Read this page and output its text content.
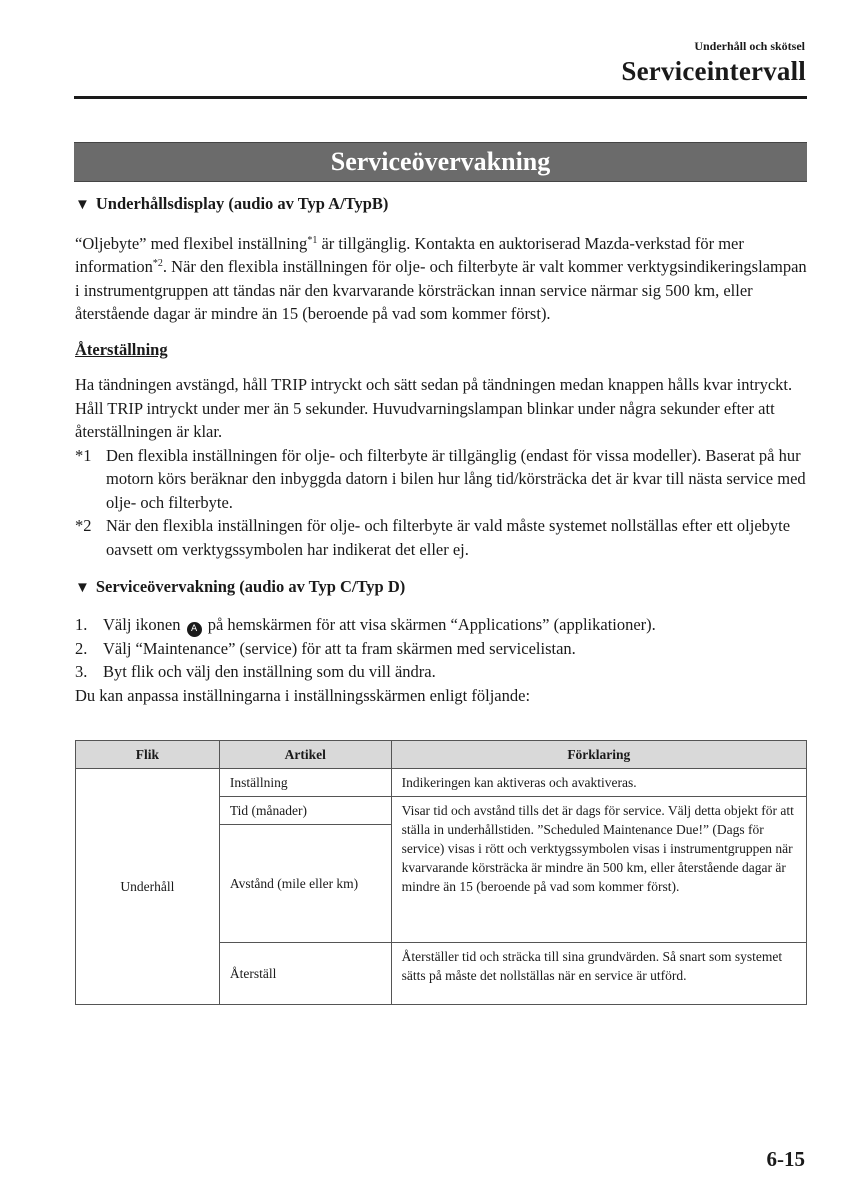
Underhåll och skötsel
Serviceintervall
Serviceövervakning

▼ Underhållsdisplay (audio av Typ A/TypB)

“Oljebyte” med flexibel inställning$^{*1}$ är tillgänglig. Kontakta en auktoriserad Mazda-verkstad för mer information$^{*2}$. När den flexibla inställningen för olje- och filterbyte är valt kommer verktygsindikeringslampan i instrumentgruppen att tändas när den kvarvarande körsträckan innan service närmar sig 500 km, eller återstående dagar är mindre än 15 (beroende på vad som kommer först).

Återställning

Ha tändningen avstängd, håll TRIP intryckt och sätt sedan på tändningen medan knappen hålls kvar intryckt. Håll TRIP intryckt under mer än 5 sekunder. Huvudvarningslampan blinkar under några sekunder efter att återställningen är klar.

*1 Den flexibla inställningen för olje- och filterbyte är tillgänglig (endast för vissa modeller). Baserat på hur motorn körs beräknar den inbyggda datorn i bilen hur lång tid/körsträcka det är kvar till nästa service med olje- och filterbyte.
*2 När den flexibla inställningen för olje- och filterbyte är vald måste systemet nollställas efter ett oljebyte oavsett om verktygssymbolen har indikerat det eller ej.

▼ Serviceövervakning (audio av Typ C/Typ D)

1. Välj ikonen A på hemskärmen för att visa skärmen “Applications” (applikationer).
2. Välj “Maintenance” (service) för att ta fram skärmen med servicelistan.
3. Byt flik och välj den inställning som du vill ändra.

Du kan anpassa inställningarna i inställningsskärmen enligt följande:

Flik	Artikel	Förklaring
Underhåll	Inställning	Indikeringen kan aktiveras och avaktiveras.
	Tid (månader)	Visar tid och avstånd tills det är dags för service. Välj detta objekt för att ställa in underhållstiden. ”Scheduled Maintenance Due!” (Dags för service) visas i rött och verktygssymbolen visas i instrumentgruppen när kvarvarande körsträcka är mindre än 500 km, eller återstående dagar är mindre än 15 (beroende på vad som kommer först).
	Avstånd (mile eller km)	
	Återställ	Återställer tid och sträcka till sina grundvärden. Så snart som systemet sätts på måste det nollställas när en service är utförd.
6-15
